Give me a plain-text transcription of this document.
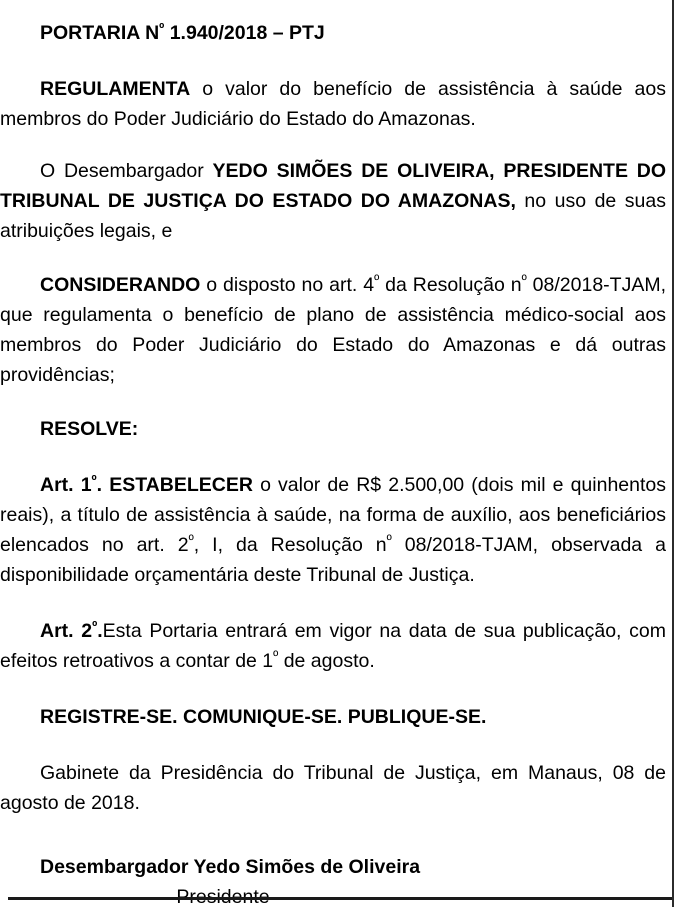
PORTARIA $N^º$ 1.940/2018 – PTJ

REGULAMENTA o valor do benefício de assistência à saúde aos membros do Poder Judiciário do Estado do Amazonas.

O Desembargador YEDO SIMÕES DE OLIVEIRA, PRESIDENTE DO TRIBUNAL DE JUSTIÇA DO ESTADO DO AMAZONAS, no uso de suas atribuições legais, e

CONSIDERANDO o disposto no art. $4^º$ da Resolução $n^º$ 08/2018-TJAM, que regulamenta o benefício de plano de assistência médico-social aos membros do Poder Judiciário do Estado do Amazonas e dá outras providências;

RESOLVE:

Art. $1^º$. ESTABELECER o valor de R$ 2.500,00 (dois mil e quinhentos reais), a título de assistência à saúde, na forma de auxílio, aos beneficiários elencados no art. $2^º$, I, da Resolução $n^º$ 08/2018-TJAM, observada a disponibilidade orçamentária deste Tribunal de Justiça.

Art. $2^º.Esta$ Portaria entrará em vigor na data de sua publicação, com efeitos retroativos a contar de $1^º$ de agosto.

REGISTRE-SE. COMUNIQUE-SE. PUBLIQUE-SE.

Gabinete da Presidência do Tribunal de Justiça, em Manaus, 08 de agosto de 2018.

Desembargador Yedo Simões de Oliveira
